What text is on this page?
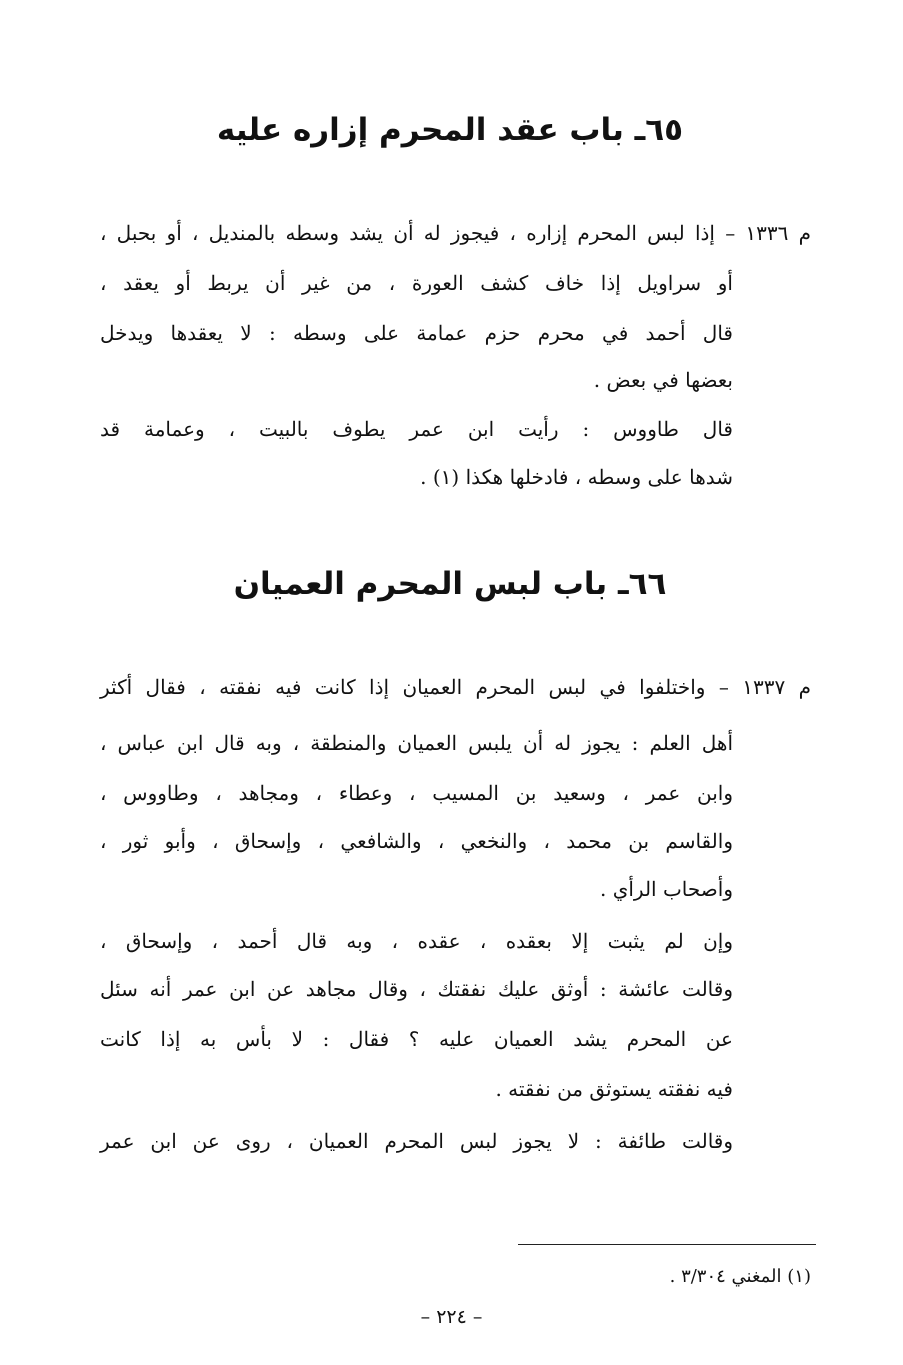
٦٥ـ باب عقد المحرم إزاره عليه
م ١٣٣٦ – إذا لبس المحرم إزاره ، فيجوز له أن يشد وسطه بالمنديل ، أو بحبل ،
أو سراويل إذا خاف كشف العورة ، من غير أن يربط أو يعقد ،
قال أحمد في محرم حزم عمامة على وسطه : لا يعقدها ويدخل
بعضها في بعض .
قال طاووس : رأيت ابن عمر يطوف بالبيت ، وعمامة قد
شدها على وسطه ، فادخلها هكذا (١) .
٦٦ـ باب لبس المحرم العميان
م ١٣٣٧ – واختلفوا في لبس المحرم العميان إذا كانت فيه نفقته ، فقال أكثر
أهل العلم : يجوز له أن يلبس العميان والمنطقة ، وبه قال ابن عباس ،
وابن عمر ، وسعيد بن المسيب ، وعطاء ، ومجاهد ، وطاووس ،
والقاسم بن محمد ، والنخعي ، والشافعي ، وإسحاق ، وأبو ثور ،
وأصحاب الرأي .
وإن لم يثبت إلا بعقده ، عقده ، وبه قال أحمد ، وإسحاق ،
وقالت عائشة : أوثق عليك نفقتك ، وقال مجاهد عن ابن عمر أنه سئل
عن المحرم يشد العميان عليه ؟ فقال : لا بأس به إذا كانت
فيه نفقته يستوثق من نفقته .
وقالت طائفة : لا يجوز لبس المحرم العميان ، روى عن ابن عمر
(١) المغني ٣/٣٠٤ .
– ٢٢٤ –
